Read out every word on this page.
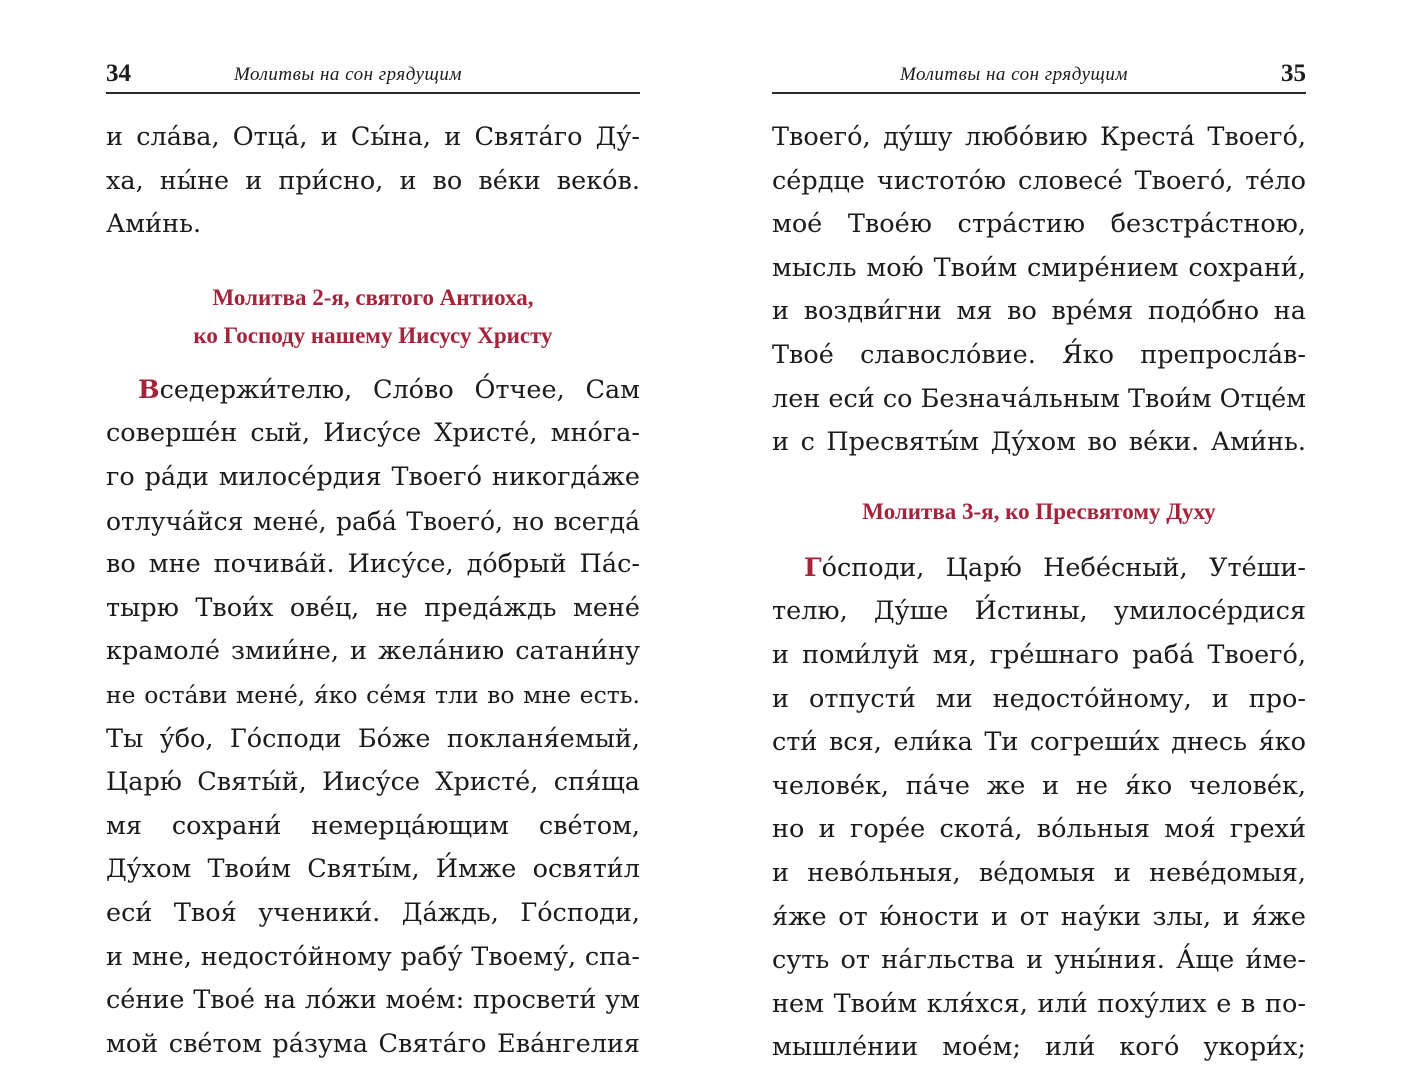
34	Молитвы на сон грядущим
и сла́ва, Отца́, и Сы́на, и Свята́го Ду́-
ха, ны́не и при́сно, и во ве́ки веко́в.
Ами́нь.
Молитва 2-я, святого Антиоха,
ко Господу нашему Иисусу Христу
Вседержи́телю, Сло́во О́тчее, Сам
соверше́н сый, Иису́се Христе́, мно́га-
го ра́ди милосе́рдия Твоего́ никогда́же
отлуча́йся мене́, раба́ Твоего́, но всегда́
во мне почива́й. Иису́се, до́брый Па́с-
тырю Твои́х ове́ц, не преда́ждь мене́
крамоле́ змии́не, и жела́нию сатани́ну
не оста́ви мене́, я́ко се́мя тли во мне есть.
Ты у́бо, Го́споди Бо́же покланя́емый,
Царю́ Святы́й, Иису́се Христе́, спя́ща
мя сохрани́ немерца́ющим све́том,
Ду́хом Твои́м Святы́м, И́мже освяти́л
еси́ Твоя́ ученики́. Да́ждь, Го́споди,
и мне, недосто́йному рабу́ Твоему́, спа-
се́ние Твое́ на ло́жи мое́м: просвети́ ум
мой све́том ра́зума Свята́го Ева́нгелия
Молитвы на сон грядущим	35
Твоего́, ду́шу любо́вию Креста́ Твоего́,
се́рдце чистото́ю словесе́ Твоего́, те́ло
мое́ Твое́ю стра́стию безстра́стною,
мысль мою́ Твои́м смире́нием сохрани́,
и воздви́гни мя во вре́мя подо́бно на
Твое́ славосло́вие. Я́ко препросла́в-
лен еси́ со Безнача́льным Твои́м Отце́м
и с Пресвяты́м Ду́хом во ве́ки. Ами́нь.
Молитва 3-я, ко Пресвятому Духу
Го́споди, Царю́ Небе́сный, Уте́ши-
телю, Ду́ше И́стины, умилосе́рдися
и поми́луй мя, гре́шнаго раба́ Твоего́,
и отпусти́ ми недосто́йному, и про-
сти́ вся, ели́ка Ти согреши́х днесь я́ко
челове́к, па́че же и не я́ко челове́к,
но и горе́е скота́, во́льныя моя́ грехи́
и нево́льныя, ве́домыя и неве́домыя,
я́же от ю́ности и от нау́ки злы, и я́же
суть от на́гльства и уны́ния. А́ще и́ме-
нем Твои́м кля́хся, или́ поху́лих е в по-
мышле́нии мое́м; или́ кого́ укори́х;
